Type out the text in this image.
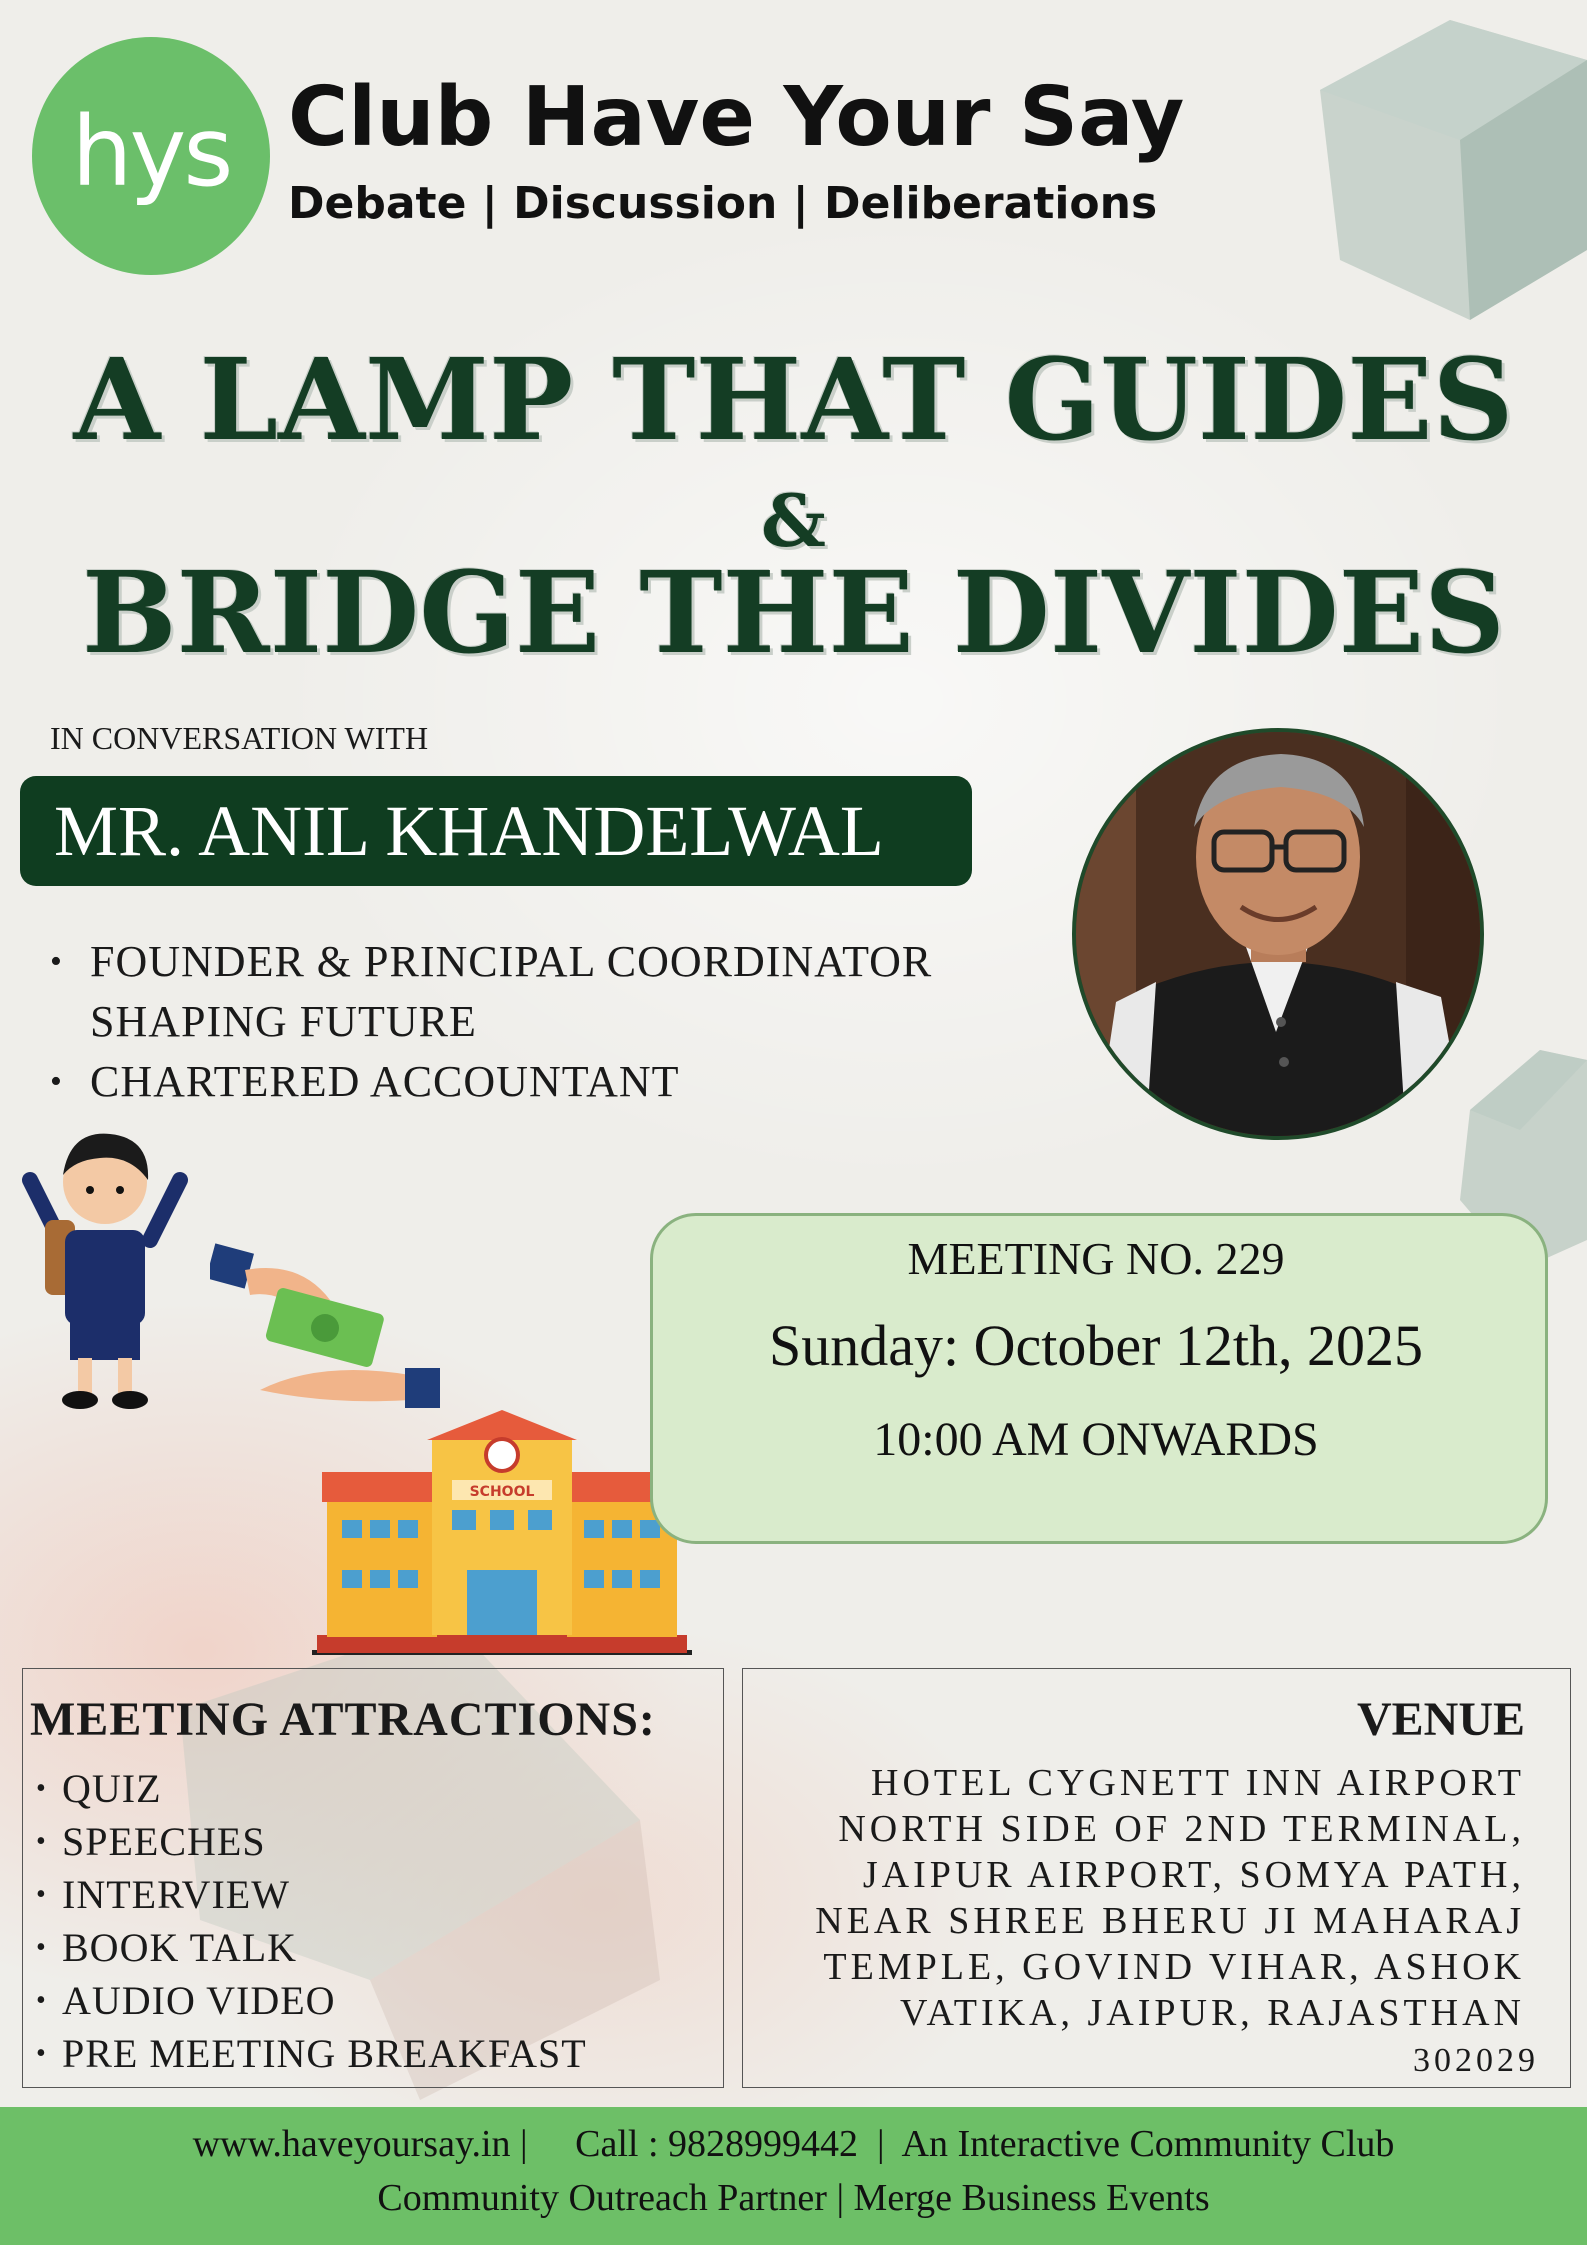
hys Club Have Your Say
Debate | Discussion | Deliberations
A LAMP THAT GUIDES
&
BRIDGE THE DIVIDES
IN CONVERSATION WITH
MR. ANIL KHANDELWAL
• FOUNDER & PRINCIPAL COORDINATOR
SHAPING FUTURE
• CHARTERED ACCOUNTANT
SCHOOL
MEETING NO. 229
Sunday: October 12th, 2025
10:00 AM ONWARDS
MEETING ATTRACTIONS:
• QUIZ
• SPEECHES
• INTERVIEW
• BOOK TALK
• AUDIO VIDEO
• PRE MEETING BREAKFAST
VENUE
HOTEL CYGNETT INN AIRPORT
NORTH SIDE OF 2ND TERMINAL,
JAIPUR AIRPORT, SOMYA PATH,
NEAR SHREE BHERU JI MAHARAJ
TEMPLE, GOVIND VIHAR, ASHOK
VATIKA, JAIPUR, RAJASTHAN
302029
www.haveyoursay.in |     Call : 9828999442  |  An Interactive Community Club
Community Outreach Partner | Merge Business Events
